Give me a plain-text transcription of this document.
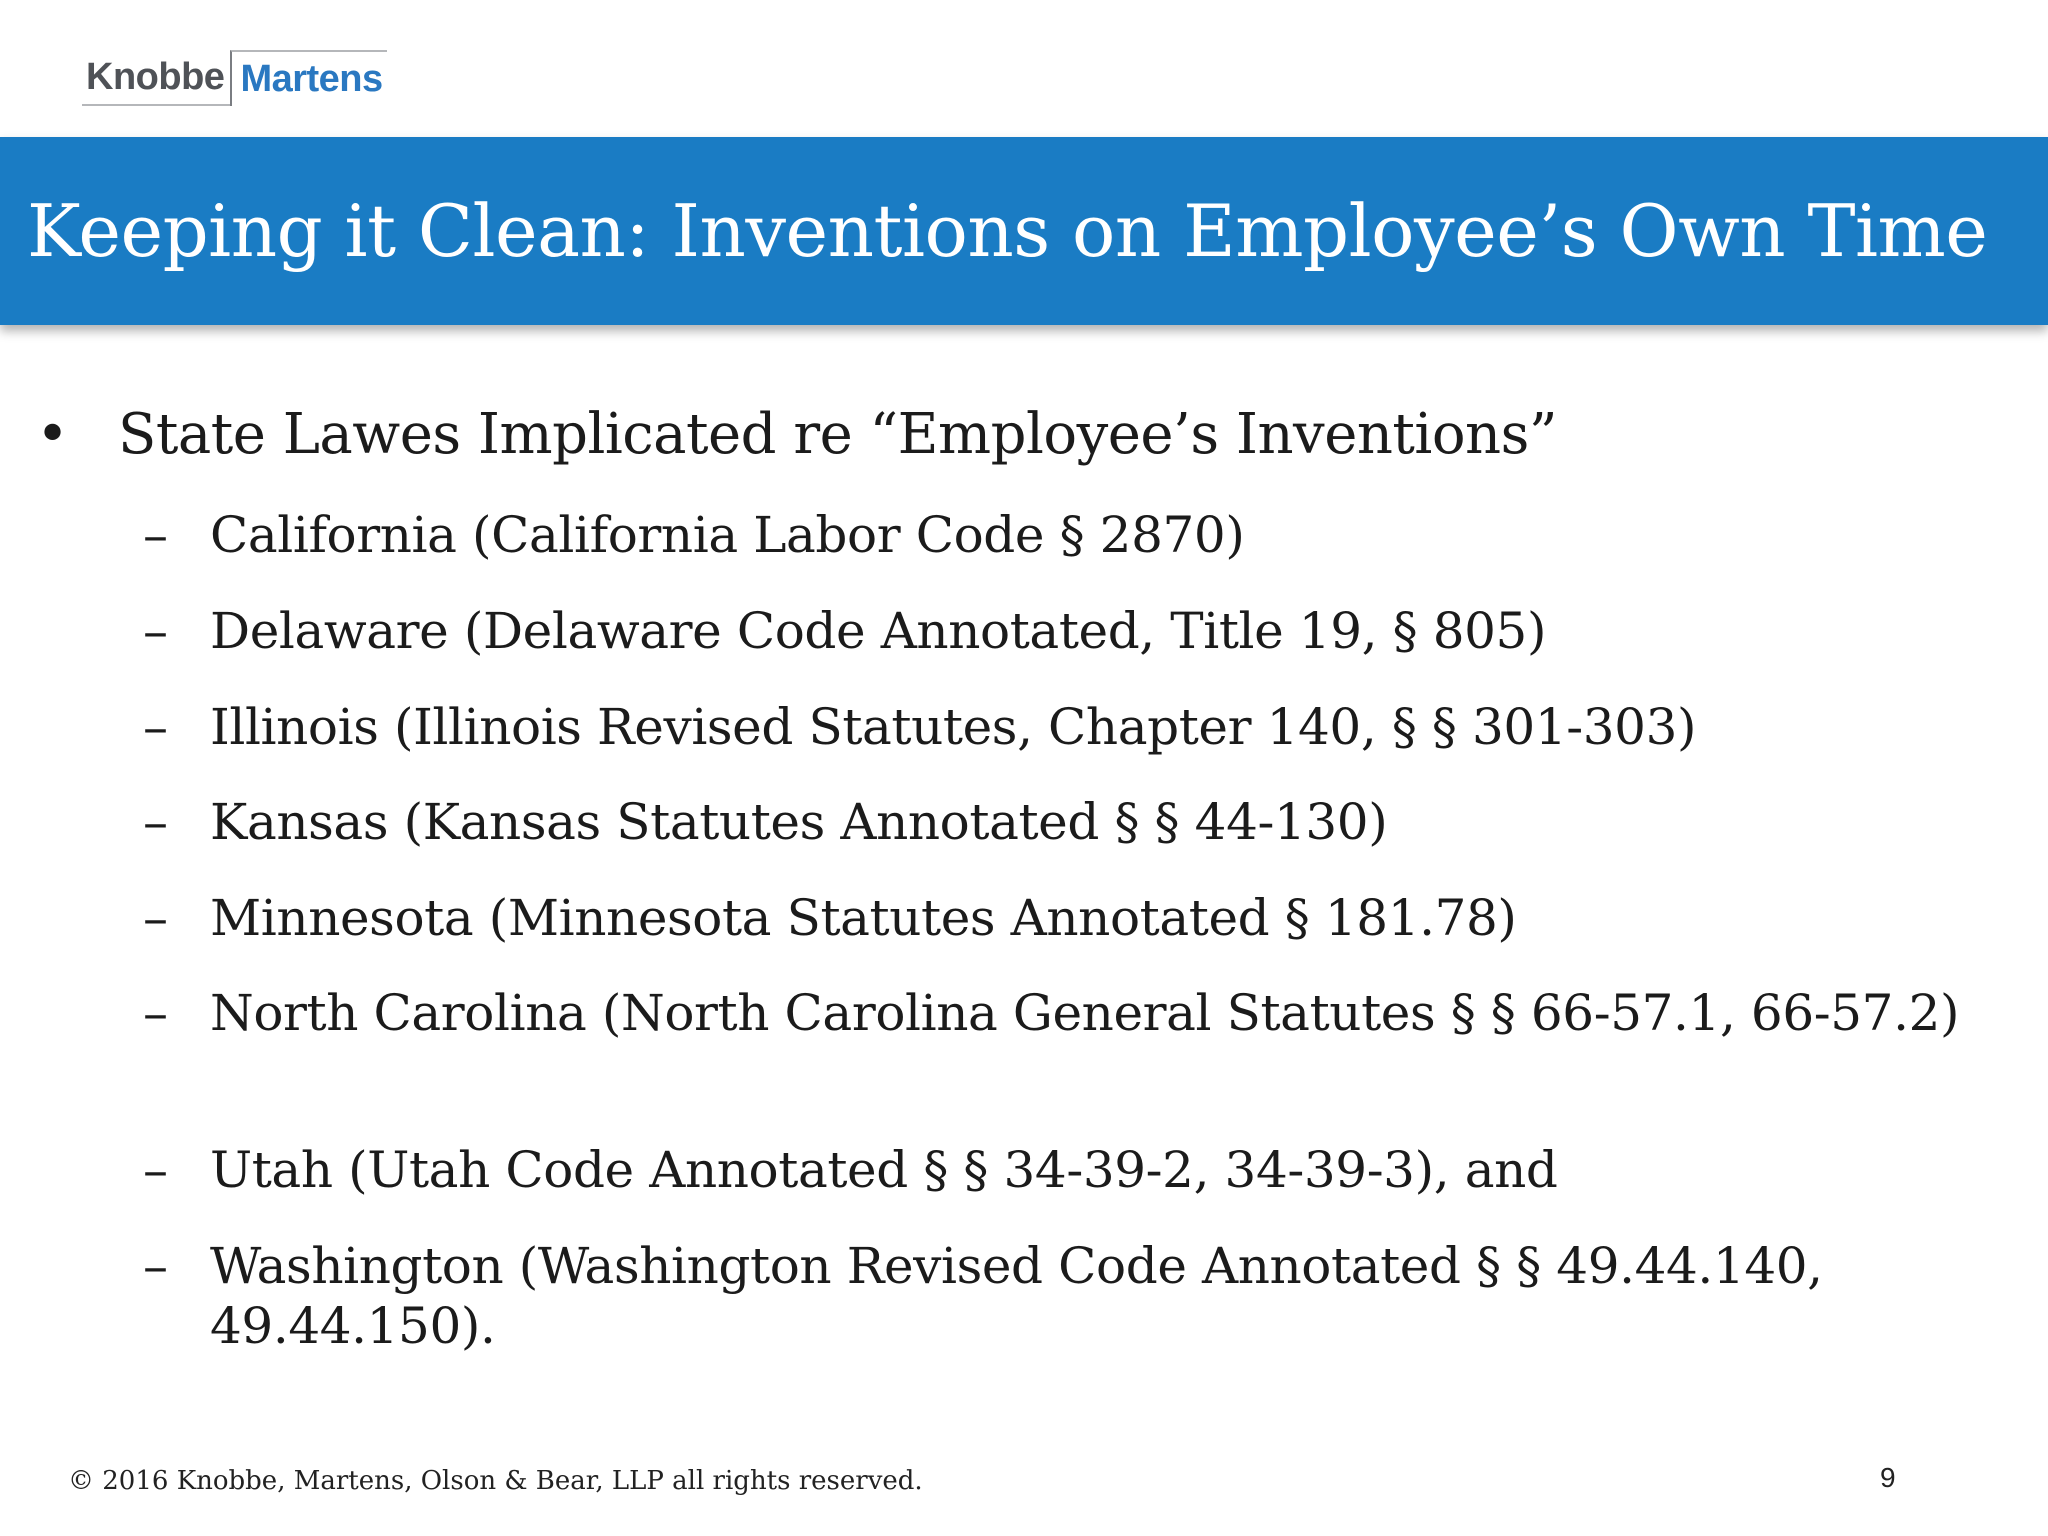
Knobbe Martens
Keeping it Clean: Inventions on Employee’s Own Time
• State Lawes Implicated re “Employee’s Inventions”
– California (California Labor Code § 2870)
– Delaware (Delaware Code Annotated, Title 19, § 805)
– Illinois (Illinois Revised Statutes, Chapter 140, § § 301-303)
– Kansas (Kansas Statutes Annotated § § 44-130)
– Minnesota (Minnesota Statutes Annotated § 181.78)
– North Carolina (North Carolina General Statutes § § 66-57.1, 66-57.2)
– Utah (Utah Code Annotated § § 34-39-2, 34-39-3), and
– Washington (Washington Revised Code Annotated § § 49.44.140, 49.44.150).
© 2016 Knobbe, Martens, Olson & Bear, LLP all rights reserved.	9
